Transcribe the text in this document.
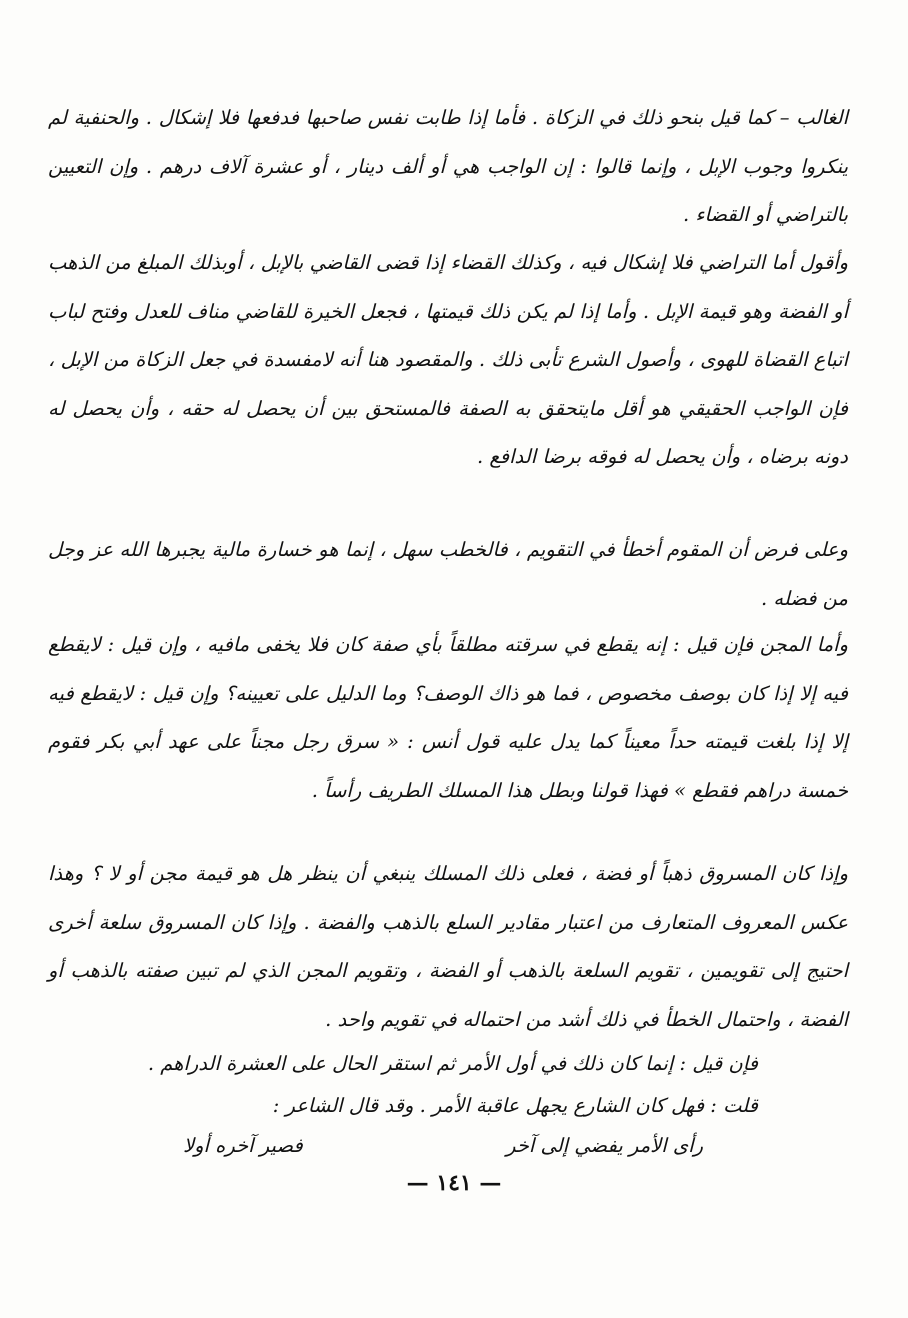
الغالب – كما قيل بنحو ذلك في الزكاة . فأما إذا طابت نفس صاحبها فدفعها فلا إشكال . والحنفية لم ينكروا وجوب الإبل ، وإنما قالوا : إن الواجب هي أو ألف دينار ، أو عشرة آلاف درهم . وإن التعيين بالتراضي أو القضاء .

وأقول أما التراضي فلا إشكال فيه ، وكذلك القضاء إذا قضى القاضي بالإبل ، أوبذلك المبلغ من الذهب أو الفضة وهو قيمة الإبل . وأما إذا لم يكن ذلك قيمتها ، فجعل الخيرة للقاضي مناف للعدل وفتح لباب اتباع القضاة للهوى ، وأصول الشرع تأبى ذلك . والمقصود هنا أنه لامفسدة في جعل الزكاة من الإبل ، فإن الواجب الحقيقي هو أقل مايتحقق به الصفة فالمستحق بين أن يحصل له حقه ، وأن يحصل له دونه برضاه ، وأن يحصل له فوقه برضا الدافع .

وعلى فرض أن المقوم أخطأ في التقويم ، فالخطب سهل ، إنما هو خسارة مالية يجبرها الله عز وجل من فضله .

وأما المجن فإن قيل : إنه يقطع في سرقته مطلقاً بأي صفة كان فلا يخفى مافيه ، وإن قيل : لايقطع فيه إلا إذا كان بوصف مخصوص ، فما هو ذاك الوصف؟ وما الدليل على تعيينه؟ وإن قيل : لايقطع فيه إلا إذا بلغت قيمته حداً معيناً كما يدل عليه قول أنس : « سرق رجل مجناً على عهد أبي بكر فقوم خمسة دراهم فقطع » فهذا قولنا وبطل هذا المسلك الطريف رأساً .

وإذا كان المسروق ذهباً أو فضة ، فعلى ذلك المسلك ينبغي أن ينظر هل هو قيمة مجن أو لا ؟ وهذا عكس المعروف المتعارف من اعتبار مقادير السلع بالذهب والفضة . وإذا كان المسروق سلعة أخرى احتيج إلى تقويمين ، تقويم السلعة بالذهب أو الفضة ، وتقويم المجن الذي لم تبين صفته بالذهب أو الفضة ، واحتمال الخطأ في ذلك أشد من احتماله في تقويم واحد .

فإن قيل : إنما كان ذلك في أول الأمر ثم استقر الحال على العشرة الدراهم .

قلت : فهل كان الشارع يجهل عاقبة الأمر . وقد قال الشاعر :

رأى الأمر يفضي إلى آخر
فصير آخره أولا
— ١٤١ —
